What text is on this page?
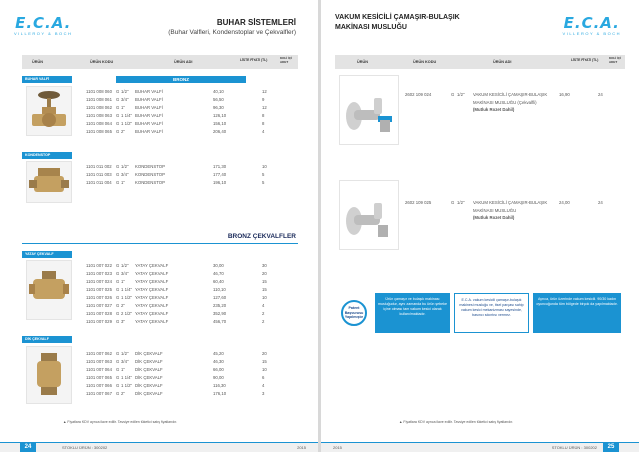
E.C.A.
VILLEROY & BOCH
BUHAR SİSTEMLERİ
(Buhar Valfleri, Kondenstoplar ve Çekvalfler)
ÜRÜN	ÜRÜN KODU	ÜRÜN ADI	LİSTE FİYATI (TL)	KOLİ İÇİ ADET
BRONZ
BUHAR VALFİ
1101 008 060 G 1/2" BUHAR VALFİ	40,10	12
1101 008 061 G 3/4" BUHAR VALFİ	56,50	9
1101 008 062 G 1" BUHAR VALFİ	96,30	12
1101 008 063 G 1 1/4" BUHAR VALFİ	126,10	8
1101 008 064 G 1 1/2" BUHAR VALFİ	156,10	8
1101 008 065 G 2" BUHAR VALFİ	206,40	4
KONDENSTOP
1101 011 002 G 1/2" KONDENSTOP	171,30	10
1101 011 003 G 3/4" KONDENSTOP	177,40	5
1101 011 004 G 1" KONDENSTOP	196,10	5
BRONZ ÇEKVALFLER
YATAY ÇEKVALF
1101 007 022 G 1/2" YATAY ÇEKVALF	30,00	30
1101 007 023 G 3/4" YATAY ÇEKVALF	46,70	20
1101 007 024 G 1" YATAY ÇEKVALF	60,40	15
1101 007 025 G 1 1/4" YATAY ÇEKVALF	110,10	15
1101 007 026 G 1 1/2" YATAY ÇEKVALF	127,60	10
1101 007 027 G 2" YATAY ÇEKVALF	235,20	4
1101 007 028 G 2 1/2" YATAY ÇEKVALF	352,90	2
1101 007 029 G 3" YATAY ÇEKVALF	456,70	2
DİK ÇEKVALF
1101 007 062 G 1/2" DİK ÇEKVALF	45,20	20
1101 007 063 G 3/4" DİK ÇEKVALF	46,30	15
1101 007 064 G 1" DİK ÇEKVALF	66,00	10
1101 007 065 G 1 1/4" DİK ÇEKVALF	90,00	6
1101 007 066 G 1 1/2" DİK ÇEKVALF	116,30	4
1101 007 067 G 2" DİK ÇEKVALF	176,10	3
▲ Fiyatlara KDV ayrıca ilave edilir. Tavsiye edilen tüketici satış fiyatlarıdır.
STOKLU ÜRÜN : 300202	2015
24
VAKUM KESİCİLİ ÇAMAŞIR-BULAŞIK
MAKİNASI MUSLUĞU	E.C.A.
VILLEROY & BOCH
ÜRÜN	ÜRÜN KODU	ÜRÜN ADI	LİSTE FİYATI (TL)	KOLİ İÇİ ADET
2602 109 024	G 1/2" VAKUM KESİCİLİ ÇAMAŞIR-BULAŞIK
MAKİNASI MUSLUĞU (Çekvalfli)
(Mutluk Rozet Dahil)
16,90	24
2602 109 025	G 1/2" VAKUM KESİCİLİ ÇAMAŞIR-BULAŞIK
MAKİNASI MUSLUĞU
(Mutluk Rozet Dahil)
24,00	24
Patent Başvurusu Yapılmıştır
Ürün çamaşır ve bulaşık makinası musluğudur, aynı zamanda bu ürün şebeke içine olması tam vakum kesici olarak kullanılmaktadır.
E.C.A. vakum kesicili çamaşır-bulaşık makinesi musluğu ve, itsel parçası sahip vakum kesici mekanizması sayesinde, basıncı sıkıntısı vermez.
Ayrıca, ürün üzerinde vakum kesicili. 90/30 kadın oyuncuğunda tüm bölgede birçok da yapılmaktadır.
▲ Fiyatlara KDV ayrıca ilave edilir. Tavsiye edilen tüketici satış fiyatlarıdır.
2015	STOKLU ÜRÜN : 300202	25
